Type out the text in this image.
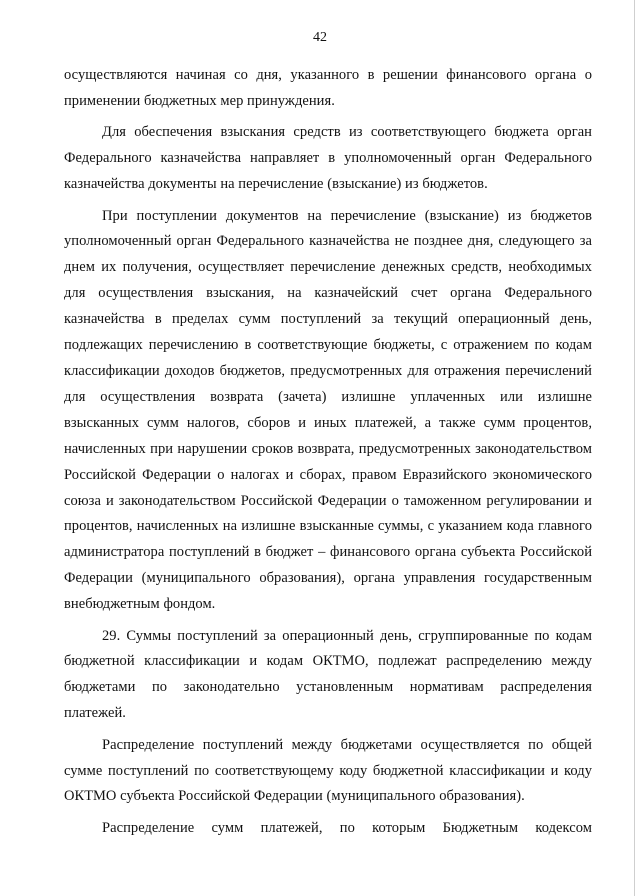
42

осуществляются начиная со дня, указанного в решении финансового органа о применении бюджетных мер принуждения.

Для обеспечения взыскания средств из соответствующего бюджета орган Федерального казначейства направляет в уполномоченный орган Федерального казначейства документы на перечисление (взыскание) из бюджетов.

При поступлении документов на перечисление (взыскание) из бюджетов уполномоченный орган Федерального казначейства не позднее дня, следующего за днем их получения, осуществляет перечисление денежных средств, необходимых для осуществления взыскания, на казначейский счет органа Федерального казначейства в пределах сумм поступлений за текущий операционный день, подлежащих перечислению в соответствующие бюджеты, с отражением по кодам классификации доходов бюджетов, предусмотренных для отражения перечислений для осуществления возврата (зачета) излишне уплаченных или излишне взысканных сумм налогов, сборов и иных платежей, а также сумм процентов, начисленных при нарушении сроков возврата, предусмотренных законодательством Российской Федерации о налогах и сборах, правом Евразийского экономического союза и законодательством Российской Федерации о таможенном регулировании и процентов, начисленных на излишне взысканные суммы, с указанием кода главного администратора поступлений в бюджет – финансового органа субъекта Российской Федерации (муниципального образования), органа управления государственным внебюджетным фондом.

29. Суммы поступлений за операционный день, сгруппированные по кодам бюджетной классификации и кодам ОКТМО, подлежат распределению между бюджетами по законодательно установленным нормативам распределения платежей.

Распределение поступлений между бюджетами осуществляется по общей сумме поступлений по соответствующему коду бюджетной классификации и коду ОКТМО субъекта Российской Федерации (муниципального образования).

Распределение сумм платежей, по которым Бюджетным кодексом
